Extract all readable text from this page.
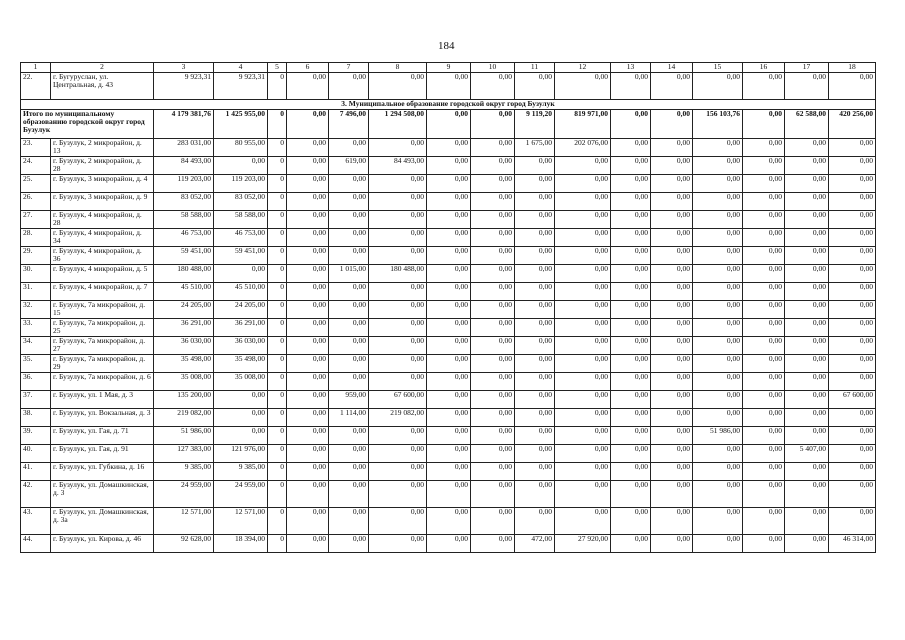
184
1	2	3	4	5	6	7	8	9	10	11	12	13	14	15	16	17	18
22.	г. Бугуруслан, ул. Центральная, д. 43	9 923,31	9 923,31	0	0,00	0,00	0,00	0,00	0,00	0,00	0,00	0,00	0,00	0,00	0,00	0,00	0,00
3. Муниципальное образование городской округ город Бузулук																	
Итого по муниципальному образованию городской округ город Бузулук		4 179 381,76	1 425 955,00	0	0,00	7 496,00	1 294 508,00	0,00	0,00	9 119,20	819 971,00	0,00	0,00	156 103,76	0,00	62 588,00	420 256,00
23.	г. Бузулук, 2 микрорайон, д. 13	283 031,00	80 955,00	0	0,00	0,00	0,00	0,00	0,00	1 675,00	202 076,00	0,00	0,00	0,00	0,00	0,00	0,00
24.	г. Бузулук, 2 микрорайон, д. 28	84 493,00	0,00	0	0,00	619,00	84 493,00	0,00	0,00	0,00	0,00	0,00	0,00	0,00	0,00	0,00	0,00
25.	г. Бузулук, 3 микрорайон, д. 4	119 203,00	119 203,00	0	0,00	0,00	0,00	0,00	0,00	0,00	0,00	0,00	0,00	0,00	0,00	0,00	0,00
26.	г. Бузулук, 3 микрорайон, д. 9	83 052,00	83 052,00	0	0,00	0,00	0,00	0,00	0,00	0,00	0,00	0,00	0,00	0,00	0,00	0,00	0,00
27.	г. Бузулук, 4 микрорайон, д. 28	58 588,00	58 588,00	0	0,00	0,00	0,00	0,00	0,00	0,00	0,00	0,00	0,00	0,00	0,00	0,00	0,00
28.	г. Бузулук, 4 микрорайон, д. 34	46 753,00	46 753,00	0	0,00	0,00	0,00	0,00	0,00	0,00	0,00	0,00	0,00	0,00	0,00	0,00	0,00
29.	г. Бузулук, 4 микрорайон, д. 36	59 451,00	59 451,00	0	0,00	0,00	0,00	0,00	0,00	0,00	0,00	0,00	0,00	0,00	0,00	0,00	0,00
30.	г. Бузулук, 4 микрорайон, д. 5	180 488,00	0,00	0	0,00	1 015,00	180 488,00	0,00	0,00	0,00	0,00	0,00	0,00	0,00	0,00	0,00	0,00
31.	г. Бузулук, 4 микрорайон, д. 7	45 510,00	45 510,00	0	0,00	0,00	0,00	0,00	0,00	0,00	0,00	0,00	0,00	0,00	0,00	0,00	0,00
32.	г. Бузулук, 7а микрорайон, д. 15	24 205,00	24 205,00	0	0,00	0,00	0,00	0,00	0,00	0,00	0,00	0,00	0,00	0,00	0,00	0,00	0,00
33.	г. Бузулук, 7а микрорайон, д. 25	36 291,00	36 291,00	0	0,00	0,00	0,00	0,00	0,00	0,00	0,00	0,00	0,00	0,00	0,00	0,00	0,00
34.	г. Бузулук, 7а микрорайон, д. 27	36 030,00	36 030,00	0	0,00	0,00	0,00	0,00	0,00	0,00	0,00	0,00	0,00	0,00	0,00	0,00	0,00
35.	г. Бузулук, 7а микрорайон, д. 29	35 498,00	35 498,00	0	0,00	0,00	0,00	0,00	0,00	0,00	0,00	0,00	0,00	0,00	0,00	0,00	0,00
36.	г. Бузулук, 7а микрорайон, д. 6	35 008,00	35 008,00	0	0,00	0,00	0,00	0,00	0,00	0,00	0,00	0,00	0,00	0,00	0,00	0,00	0,00
37.	г. Бузулук, ул. 1 Мая, д. 3	135 200,00	0,00	0	0,00	959,00	67 600,00	0,00	0,00	0,00	0,00	0,00	0,00	0,00	0,00	0,00	67 600,00
38.	г. Бузулук, ул. Вокзальная, д. 3	219 082,00	0,00	0	0,00	1 114,00	219 082,00	0,00	0,00	0,00	0,00	0,00	0,00	0,00	0,00	0,00	0,00
39.	г. Бузулук, ул. Гая, д. 71	51 986,00	0,00	0	0,00	0,00	0,00	0,00	0,00	0,00	0,00	0,00	0,00	51 986,00	0,00	0,00	0,00
40.	г. Бузулук, ул. Гая, д. 91	127 383,00	121 976,00	0	0,00	0,00	0,00	0,00	0,00	0,00	0,00	0,00	0,00	0,00	0,00	5 407,00	0,00
41.	г. Бузулук, ул. Губкина, д. 16	9 385,00	9 385,00	0	0,00	0,00	0,00	0,00	0,00	0,00	0,00	0,00	0,00	0,00	0,00	0,00	0,00
42.	г. Бузулук, ул. Домашкинская, д. 3	24 959,00	24 959,00	0	0,00	0,00	0,00	0,00	0,00	0,00	0,00	0,00	0,00	0,00	0,00	0,00	0,00
43.	г. Бузулук, ул. Домашкинская, д. 3а	12 571,00	12 571,00	0	0,00	0,00	0,00	0,00	0,00	0,00	0,00	0,00	0,00	0,00	0,00	0,00	0,00
44.	г. Бузулук, ул. Кирова, д. 46	92 628,00	18 394,00	0	0,00	0,00	0,00	0,00	0,00	472,00	27 920,00	0,00	0,00	0,00	0,00	0,00	46 314,00
